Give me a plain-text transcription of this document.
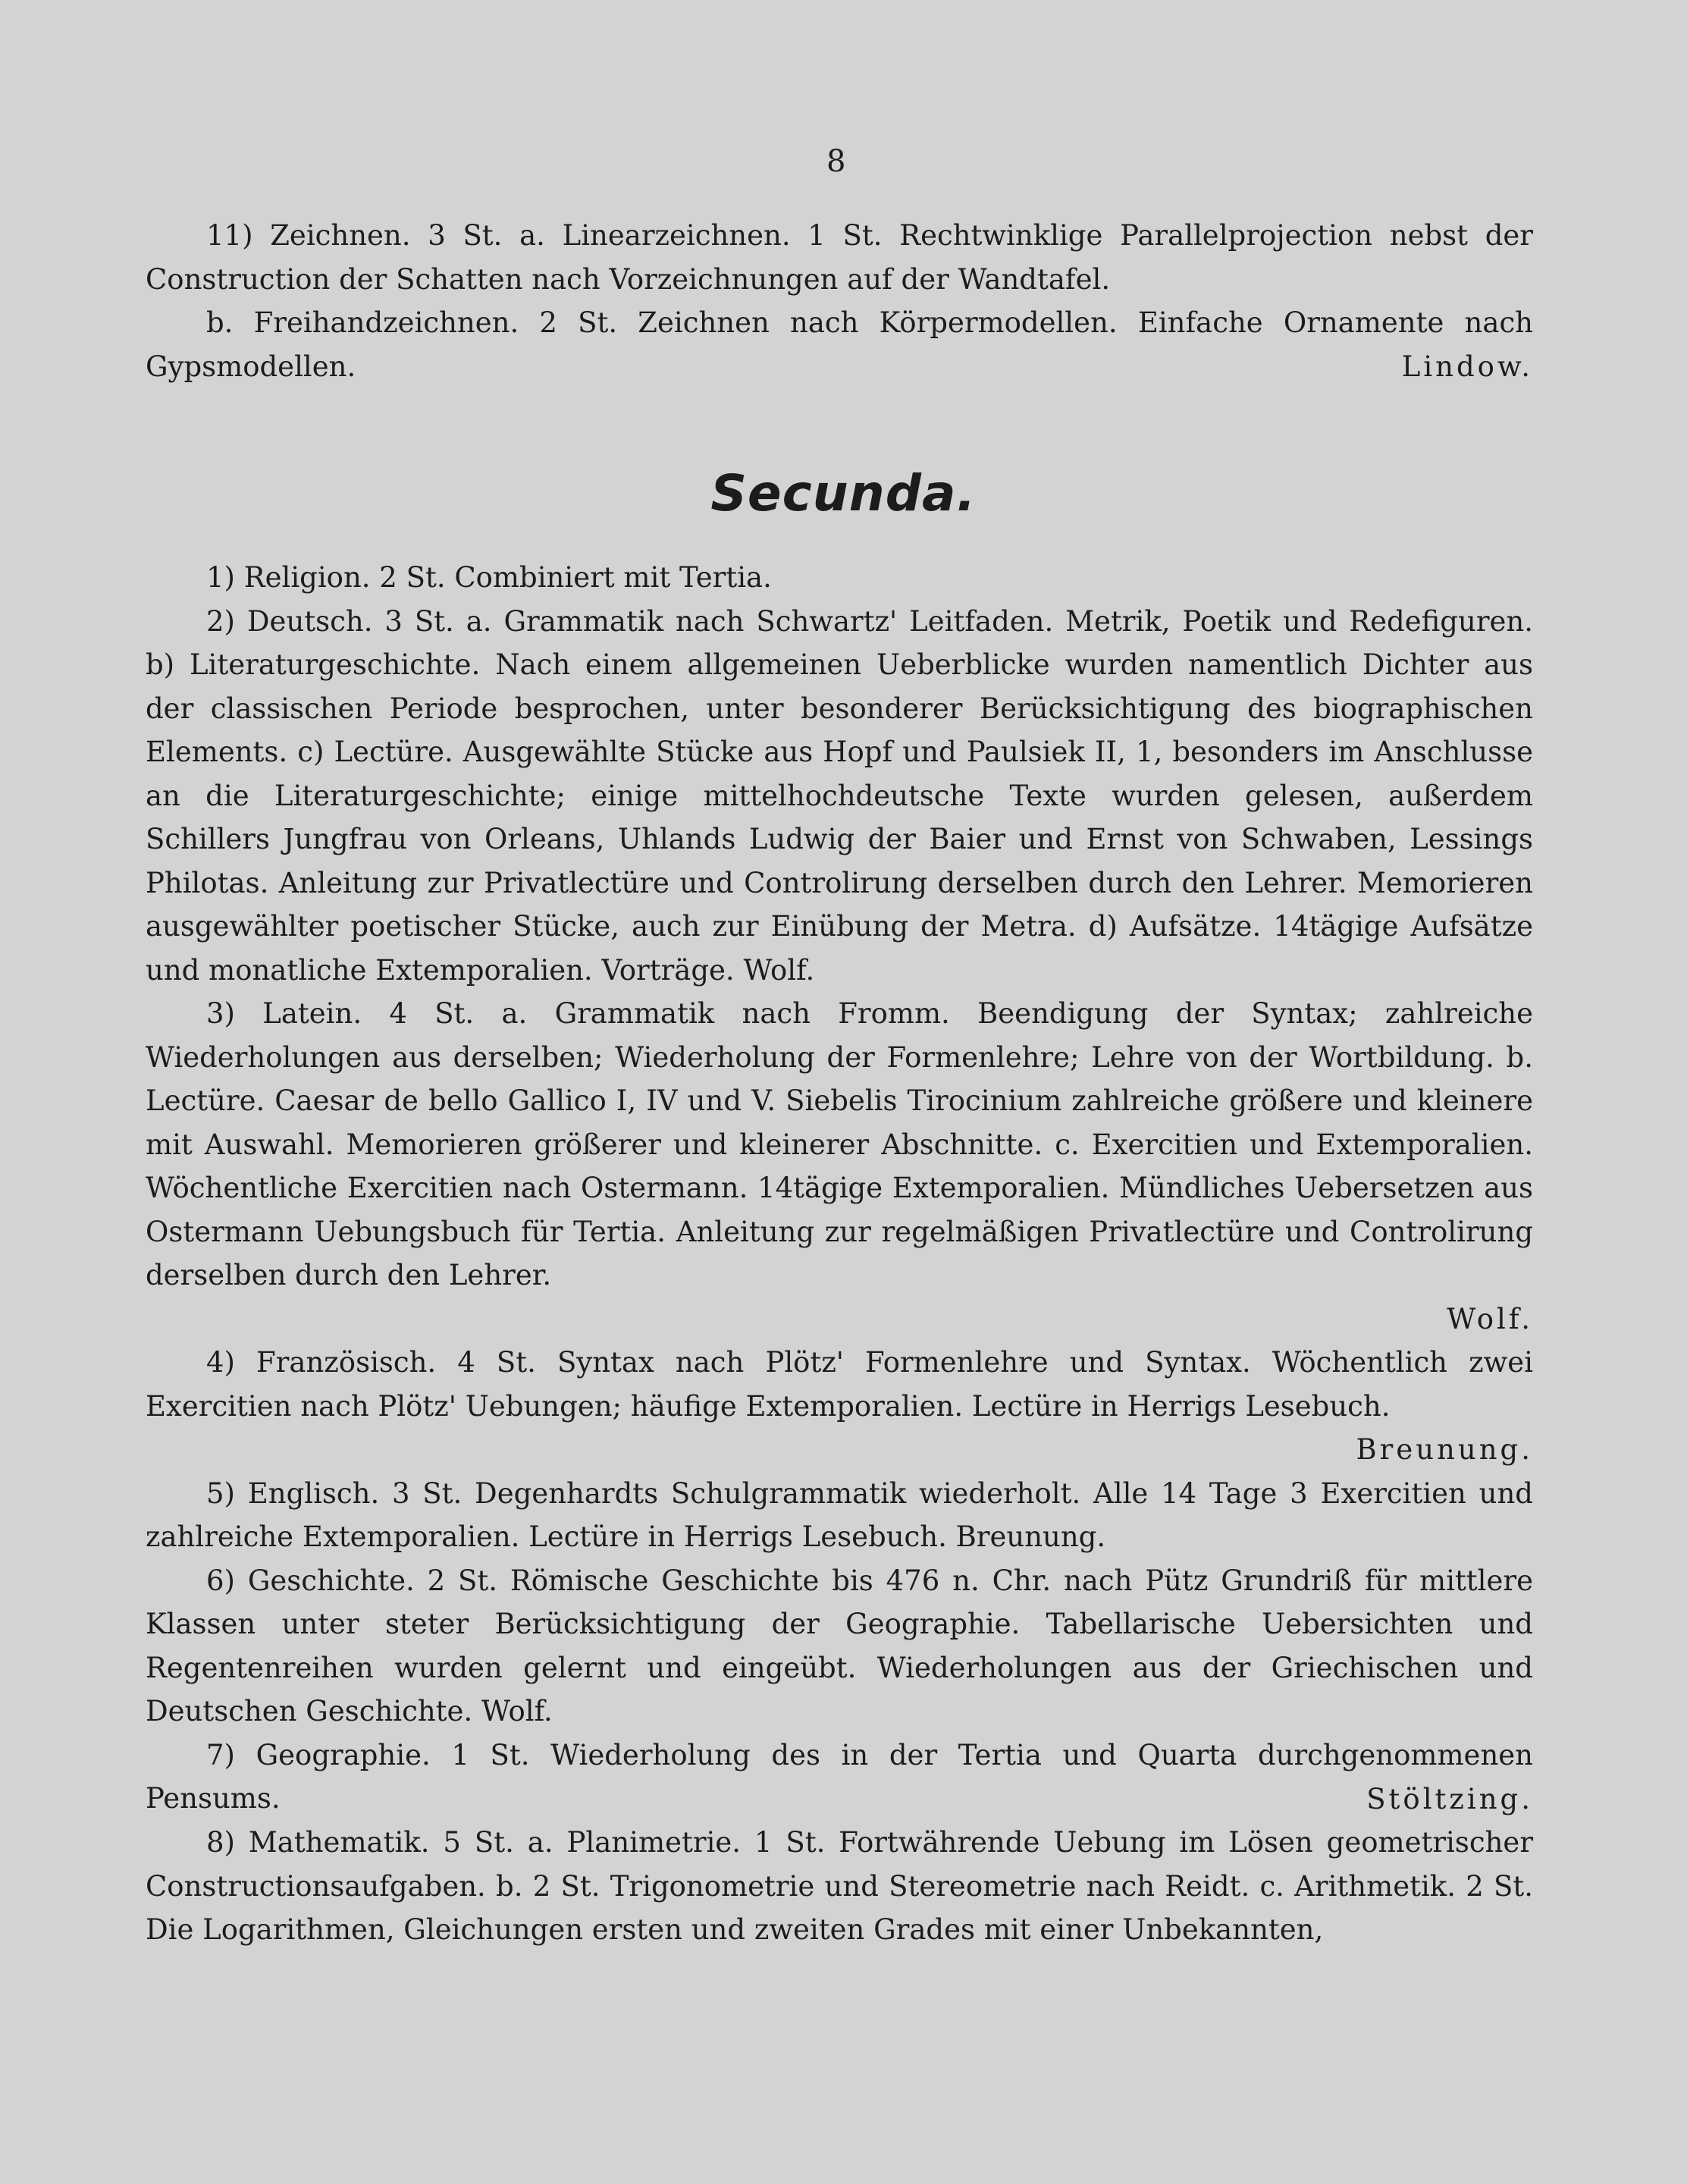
8

11) Zeichnen. 3 St. a. Linearzeichnen. 1 St. Rechtwinklige Parallelprojection nebst der Construction der Schatten nach Vorzeichnungen auf der Wandtafel.

b. Freihandzeichnen. 2 St. Zeichnen nach Körpermodellen. Einfache Ornamente nach Gypsmodellen.	Lindow.

Secunda.

1) Religion. 2 St. Combiniert mit Tertia.

2) Deutsch. 3 St. a. Grammatik nach Schwartz' Leitfaden. Metrik, Poetik und Redefiguren. b) Literaturgeschichte. Nach einem allgemeinen Ueberblicke wurden namentlich Dichter aus der classischen Periode besprochen, unter besonderer Berücksichtigung des biographischen Elements. c) Lectüre. Ausgewählte Stücke aus Hopf und Paulsiek II, 1, besonders im Anschlusse an die Literaturgeschichte; einige mittelhochdeutsche Texte wurden gelesen, außerdem Schillers Jungfrau von Orleans, Uhlands Ludwig der Baier und Ernst von Schwaben, Lessings Philotas. Anleitung zur Privatlectüre und Controlirung derselben durch den Lehrer. Memorieren ausgewählter poetischer Stücke, auch zur Einübung der Metra. d) Aufsätze. 14tägige Aufsätze und monatliche Extemporalien. Vorträge. Wolf.

3) Latein. 4 St. a. Grammatik nach Fromm. Beendigung der Syntax; zahlreiche Wiederholungen aus derselben; Wiederholung der Formenlehre; Lehre von der Wortbildung. b. Lectüre. Caesar de bello Gallico I, IV und V. Siebelis Tirocinium zahlreiche größere und kleinere mit Auswahl. Memorieren größerer und kleinerer Abschnitte. c. Exercitien und Extemporalien. Wöchentliche Exercitien nach Ostermann. 14tägige Extemporalien. Mündliches Uebersetzen aus Ostermann Uebungsbuch für Tertia. Anleitung zur regelmäßigen Privatlectüre und Controlirung derselben durch den Lehrer.

Wolf.

4) Französisch. 4 St. Syntax nach Plötz' Formenlehre und Syntax. Wöchentlich zwei Exercitien nach Plötz' Uebungen; häufige Extemporalien. Lectüre in Herrigs Lesebuch.

Breunung.

5) Englisch. 3 St. Degenhardts Schulgrammatik wiederholt. Alle 14 Tage 3 Exercitien und zahlreiche Extemporalien. Lectüre in Herrigs Lesebuch. Breunung.

6) Geschichte. 2 St. Römische Geschichte bis 476 n. Chr. nach Pütz Grundriß für mittlere Klassen unter steter Berücksichtigung der Geographie. Tabellarische Uebersichten und Regentenreihen wurden gelernt und eingeübt. Wiederholungen aus der Griechischen und Deutschen Geschichte. Wolf.

7) Geographie. 1 St. Wiederholung des in der Tertia und Quarta durchgenommenen Pensums.	Stöltzing.

8) Mathematik. 5 St. a. Planimetrie. 1 St. Fortwährende Uebung im Lösen geometrischer Constructionsaufgaben. b. 2 St. Trigonometrie und Stereometrie nach Reidt. c. Arithmetik. 2 St. Die Logarithmen, Gleichungen ersten und zweiten Grades mit einer Unbekannten,
